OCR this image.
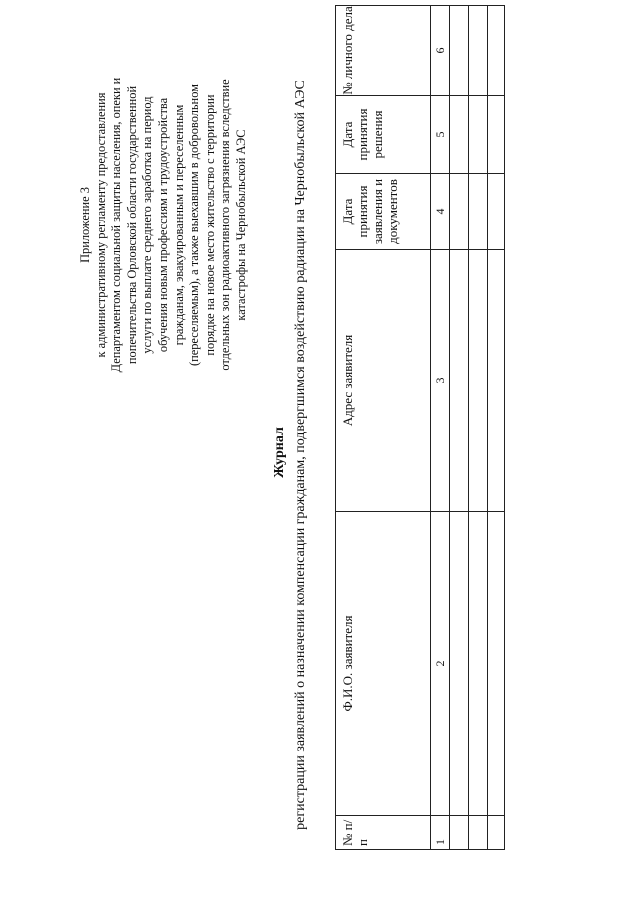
Приложение 3 к административному регламенту предоставления Департаментом социальной защиты населения, опеки и попечительства Орловской области государственной услуги по выплате среднего заработка на период обучения новым профессиям и трудоустройства гражданам, эвакуированным и переселенным (переселяемым), а также выехавшим в добровольном порядке на новое место жительство с территории отдельных зон радиоактивного загрязнения вследствие катастрофы на Чернобыльской АЭС
Журнал регистрации заявлений о назначении компенсации гражданам, подвергшимся воздействию радиации на Чернобыльской АЭС
№ п/п	Ф.И.О. заявителя	Адрес заявителя	Дата принятия заявления и документов	Дата принятия решения	№ личного дела
1	2	3	4	5	6
